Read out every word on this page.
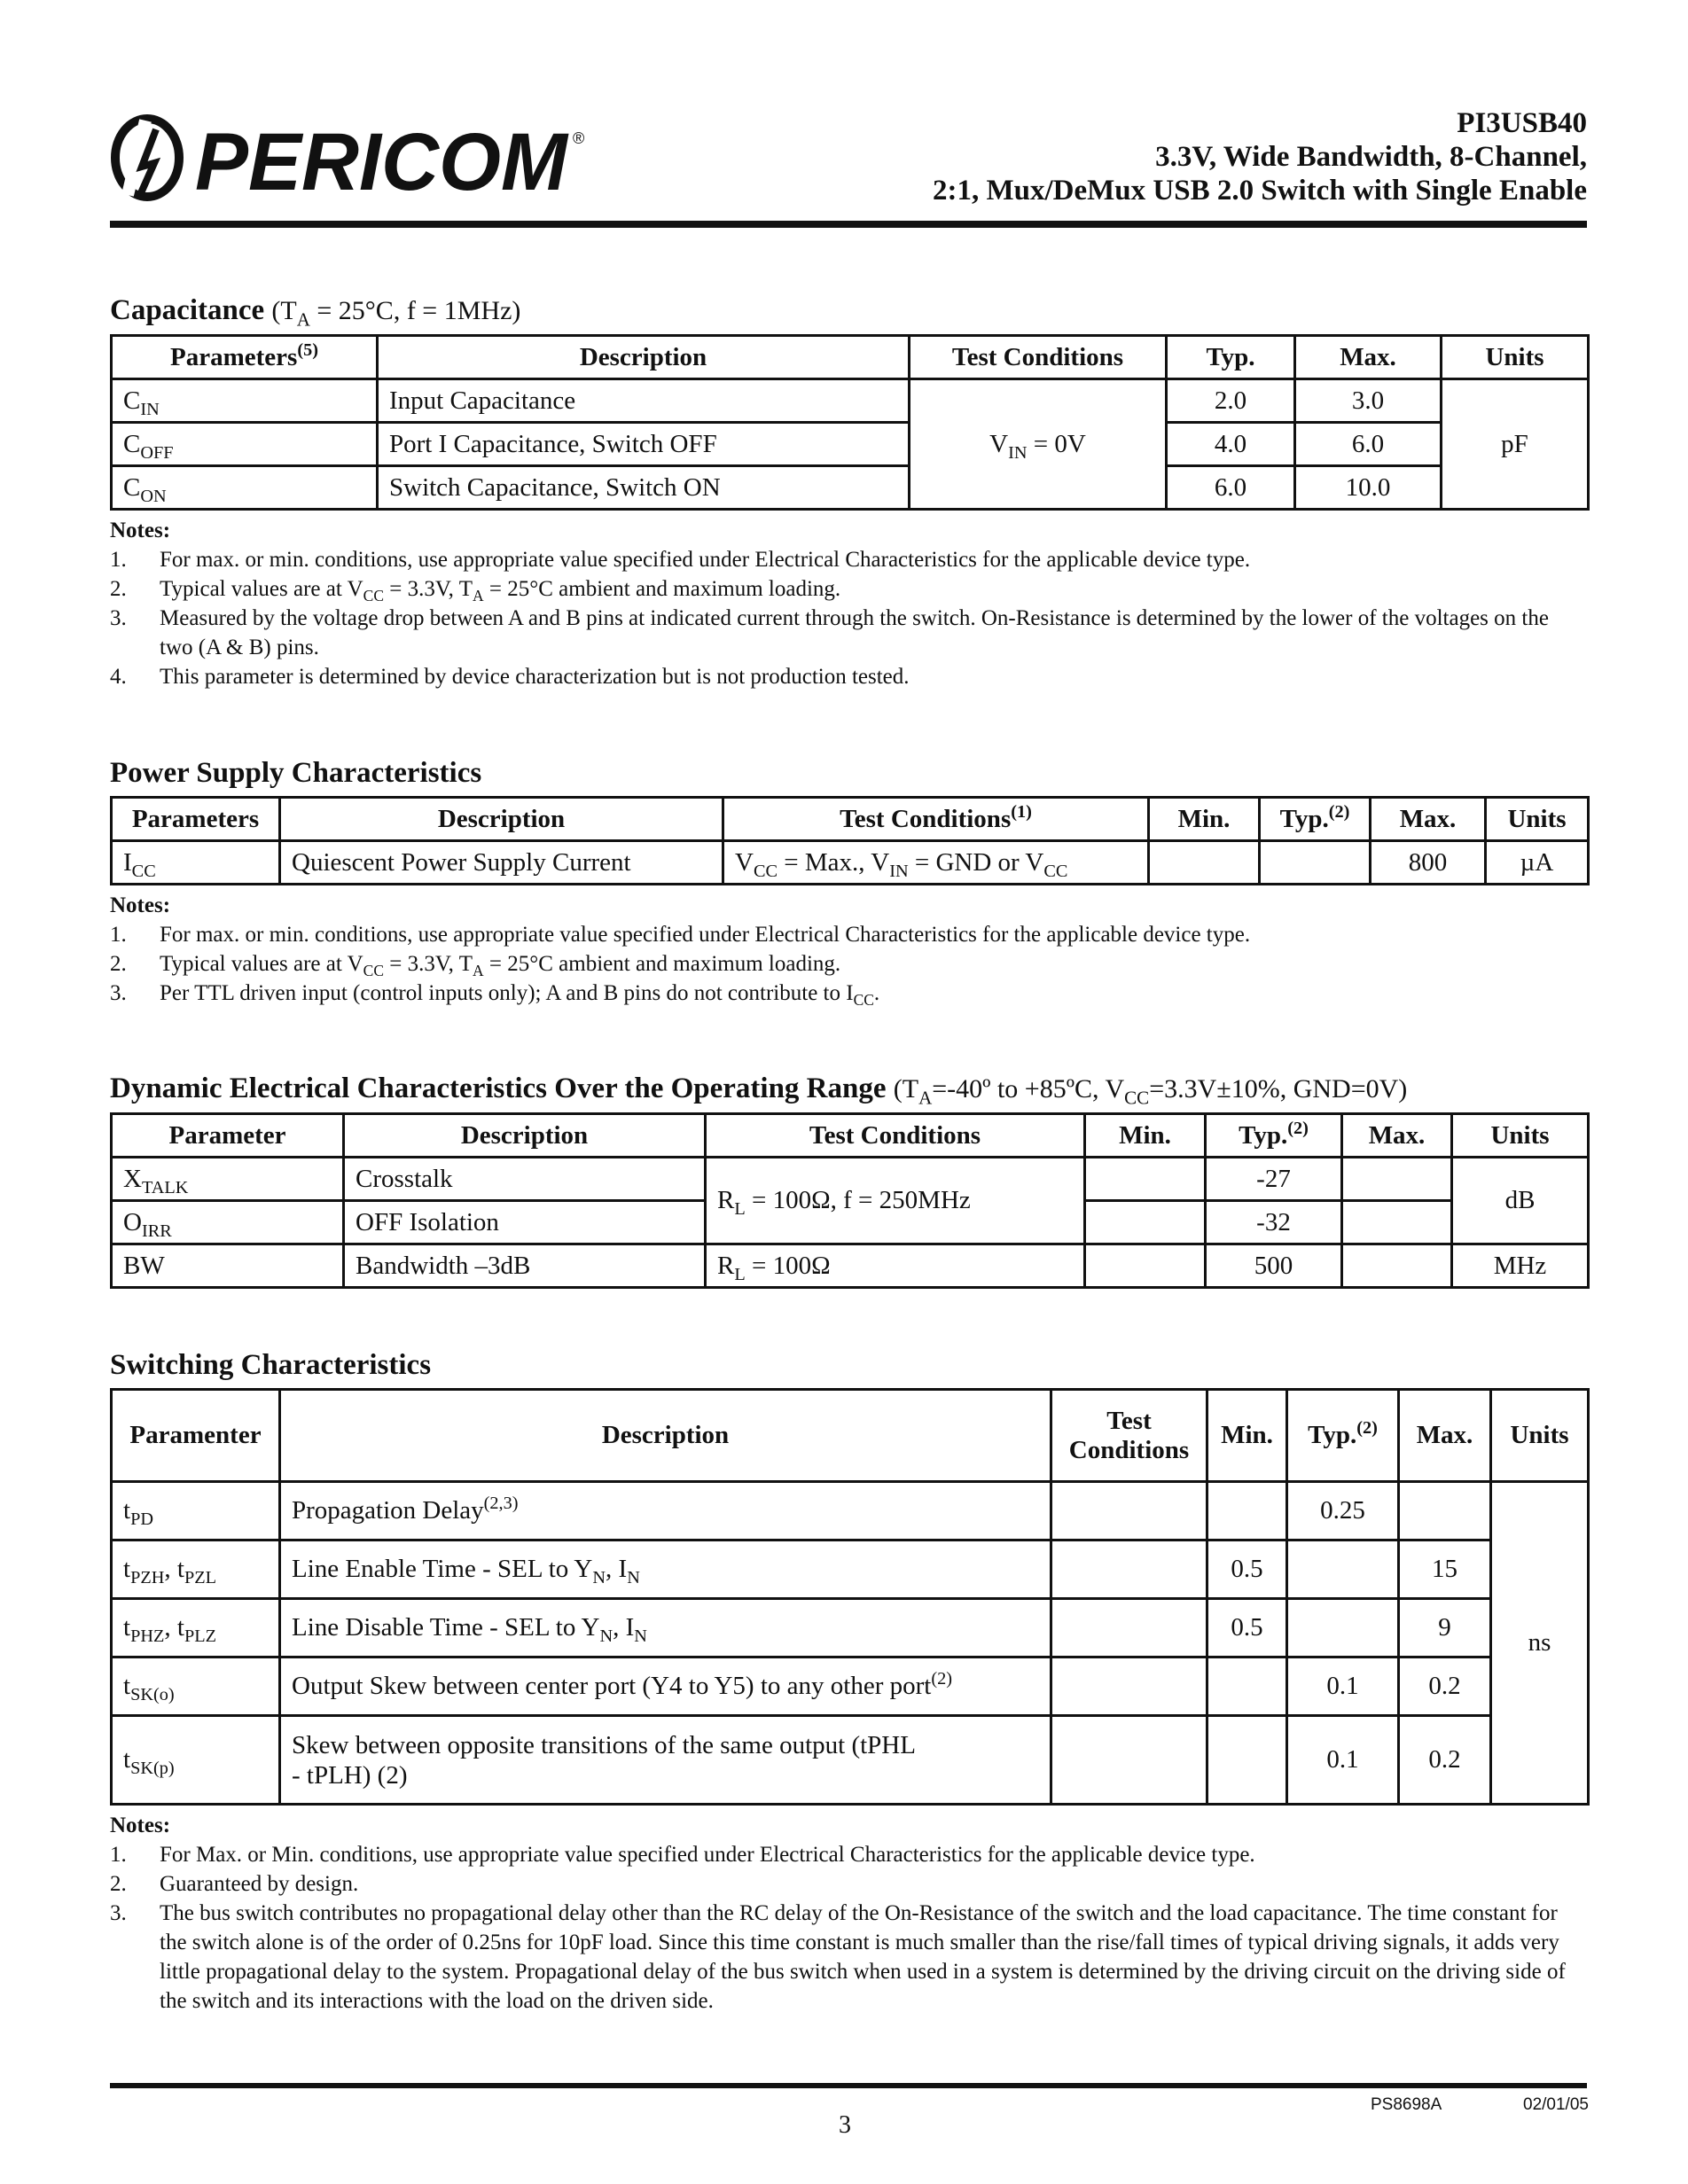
PERICOM ®	PI3USB40
3.3V, Wide Bandwidth, 8-Channel,
2:1, Mux/DeMux USB 2.0 Switch with Single Enable
Capacitance ($T_A = 25^\circ C$, f = 1MHz)
Parameters$^{(5)}$	Description	Test Conditions	Typ.	Max.	Units
$C_{IN}$	Input Capacitance	$V_{IN} = 0V$	2.0	3.0	pF
$C_{OFF}$	Port I Capacitance, Switch OFF		4.0	6.0	
$C_{ON}$	Switch Capacitance, Switch ON		6.0	10.0	
Notes:
1.	For max. or min. conditions, use appropriate value specified under Electrical Characteristics for the applicable device type.
2.	Typical values are at $V_{CC} = 3.3V$, $T_A = 25^\circ C$ ambient and maximum loading.
3.	Measured by the voltage drop between A and B pins at indicated current through the switch. On-Resistance is determined by the lower of the voltages on the two (A & B) pins.
4.	This parameter is determined by device characterization but is not production tested.
Power Supply Characteristics
Parameters	Description	Test Conditions$^{(1)}$	Min.	Typ.$^{(2)}$	Max.	Units
$I_{CC}$	Quiescent Power Supply Current	$V_{CC}$ = Max., $V_{IN}$ = GND or $V_{CC}$			800	µA
Notes:
1.	For max. or min. conditions, use appropriate value specified under Electrical Characteristics for the applicable device type.
2.	Typical values are at $V_{CC} = 3.3V$, $T_A = 25^\circ C$ ambient and maximum loading.
3.	Per TTL driven input (control inputs only); A and B pins do not contribute to $I_{CC}$.
Dynamic Electrical Characteristics Over the Operating Range ($T_A=-40º$ to +85ºC, $V_{CC}=3.3V\pm 10\%$, GND=0V)
Parameter	Description	Test Conditions	Min.	Typ.$^{(2)}$	Max.	Units
$X_{TALK}$	Crosstalk	$R_L = 100\Omega$, f = 250MHz		-27		dB
$O_{IRR}$	OFF Isolation			-32		
BW	Bandwidth –3dB	$R_L = 100\Omega$		500		MHz
Switching Characteristics
Paramenter	Description	Test
Conditions	Min.	Typ.$^{(2)}$	Max.	Units
$t_{PD}$	Propagation Delay$^{(2,3)}$			0.25		ns
$t_{PZH}$, $t_{PZL}$	Line Enable Time - SEL to $Y_N$, $I_N$		0.5		15	
$t_{PHZ}$, $t_{PLZ}$	Line Disable Time - SEL to $Y_N$, $I_N$		0.5		9	
$t_{SK(o)}$	Output Skew between center port (Y4 to Y5) to any other port$^{(2)}$			0.1	0.2	
$t_{SK(p)}$	Skew between opposite transitions of the same output (tPHL
- tPLH) (2)			0.1	0.2	
Notes:
1.	For Max. or Min. conditions, use appropriate value specified under Electrical Characteristics for the applicable device type.
2.	Guaranteed by design.
3.	The bus switch contributes no propagational delay other than the RC delay of the On-Resistance of the switch and the load capacitance. The time constant for the switch alone is of the order of 0.25ns for 10pF load. Since this time constant is much smaller than the rise/fall times of typical driving signals, it adds very little propagational delay to the system. Propagational delay of the bus switch when used in a system is determined by the driving circuit on the driving side of the switch and its interactions with the load on the driven side.
PS8698A	02/01/05
3
